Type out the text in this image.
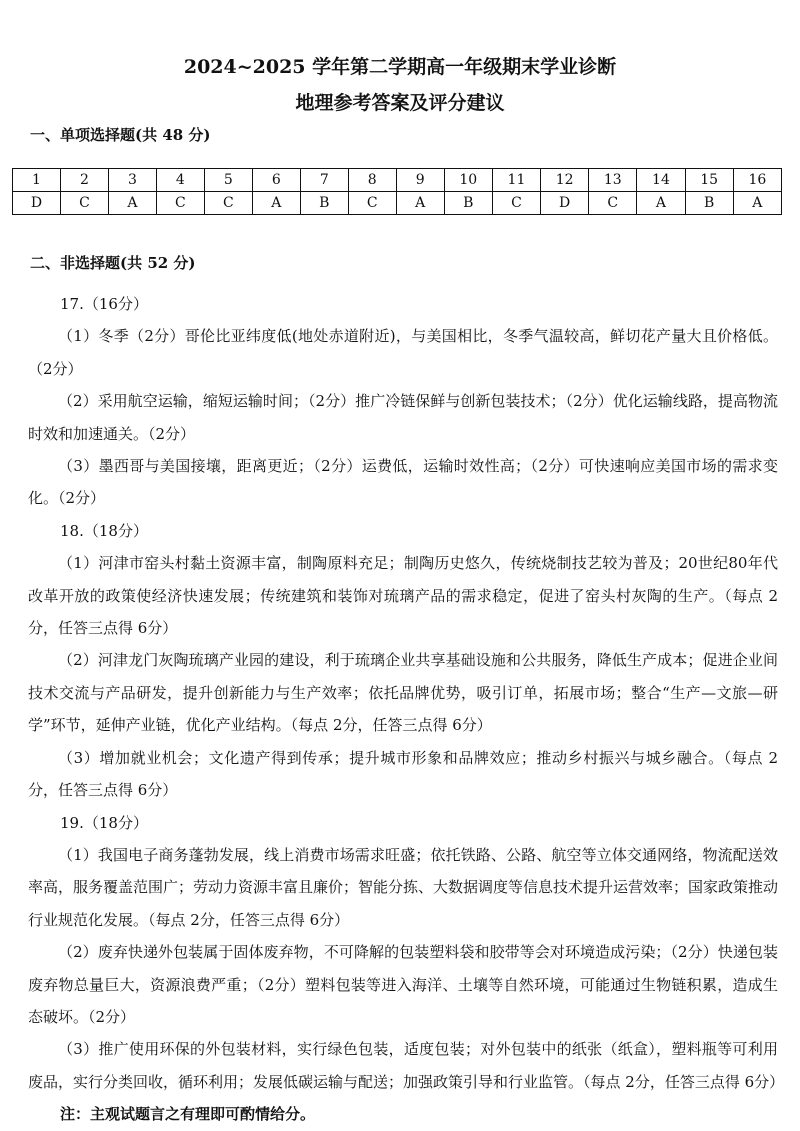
2024~2025 学年第二学期高一年级期末学业诊断
地理参考答案及评分建议
一、单项选择题(共 48 分)
1	2	3	4	5	6	7	8	9	10	11	12	13	14	15	16
D	C	A	C	C	A	B	C	A	B	C	D	C	A	B	A
二、非选择题(共 52 分)

17.（16分）

（1）冬季（2分）哥伦比亚纬度低(地处赤道附近)，与美国相比，冬季气温较高，鲜切花产量大且价格低。（2分）

（2）采用航空运输，缩短运输时间；（2分）推广冷链保鲜与创新包装技术；（2分）优化运输线路，提高物流时效和加速通关。（2分）

（3）墨西哥与美国接壤，距离更近；（2分）运费低，运输时效性高；（2分）可快速响应美国市场的需求变化。（2分）

18.（18分）

（1）河津市窑头村黏土资源丰富，制陶原料充足；制陶历史悠久，传统烧制技艺较为普及；20世纪80年代改革开放的政策使经济快速发展；传统建筑和装饰对琉璃产品的需求稳定，促进了窑头村灰陶的生产。（每点 2分，任答三点得 6分）

（2）河津龙门灰陶琉璃产业园的建设，利于琉璃企业共享基础设施和公共服务，降低生产成本；促进企业间技术交流与产品研发，提升创新能力与生产效率；依托品牌优势，吸引订单，拓展市场；整合“生产—文旅—研学”环节，延伸产业链，优化产业结构。（每点 2分，任答三点得 6分）

（3）增加就业机会；文化遗产得到传承；提升城市形象和品牌效应；推动乡村振兴与城乡融合。（每点 2分，任答三点得 6分）

19.（18分）

（1）我国电子商务蓬勃发展，线上消费市场需求旺盛；依托铁路、公路、航空等立体交通网络，物流配送效率高，服务覆盖范围广；劳动力资源丰富且廉价；智能分拣、大数据调度等信息技术提升运营效率；国家政策推动行业规范化发展。（每点 2分，任答三点得 6分）

（2）废弃快递外包装属于固体废弃物，不可降解的包装塑料袋和胶带等会对环境造成污染；（2分）快递包装废弃物总量巨大，资源浪费严重；（2分）塑料包装等进入海洋、土壤等自然环境，可能通过生物链积累，造成生态破坏。（2分）

（3）推广使用环保的外包装材料，实行绿色包装，适度包装；对外包装中的纸张（纸盒），塑料瓶等可利用废品，实行分类回收，循环利用；发展低碳运输与配送；加强政策引导和行业监管。（每点 2分，任答三点得 6分）

注：主观试题言之有理即可酌情给分。
